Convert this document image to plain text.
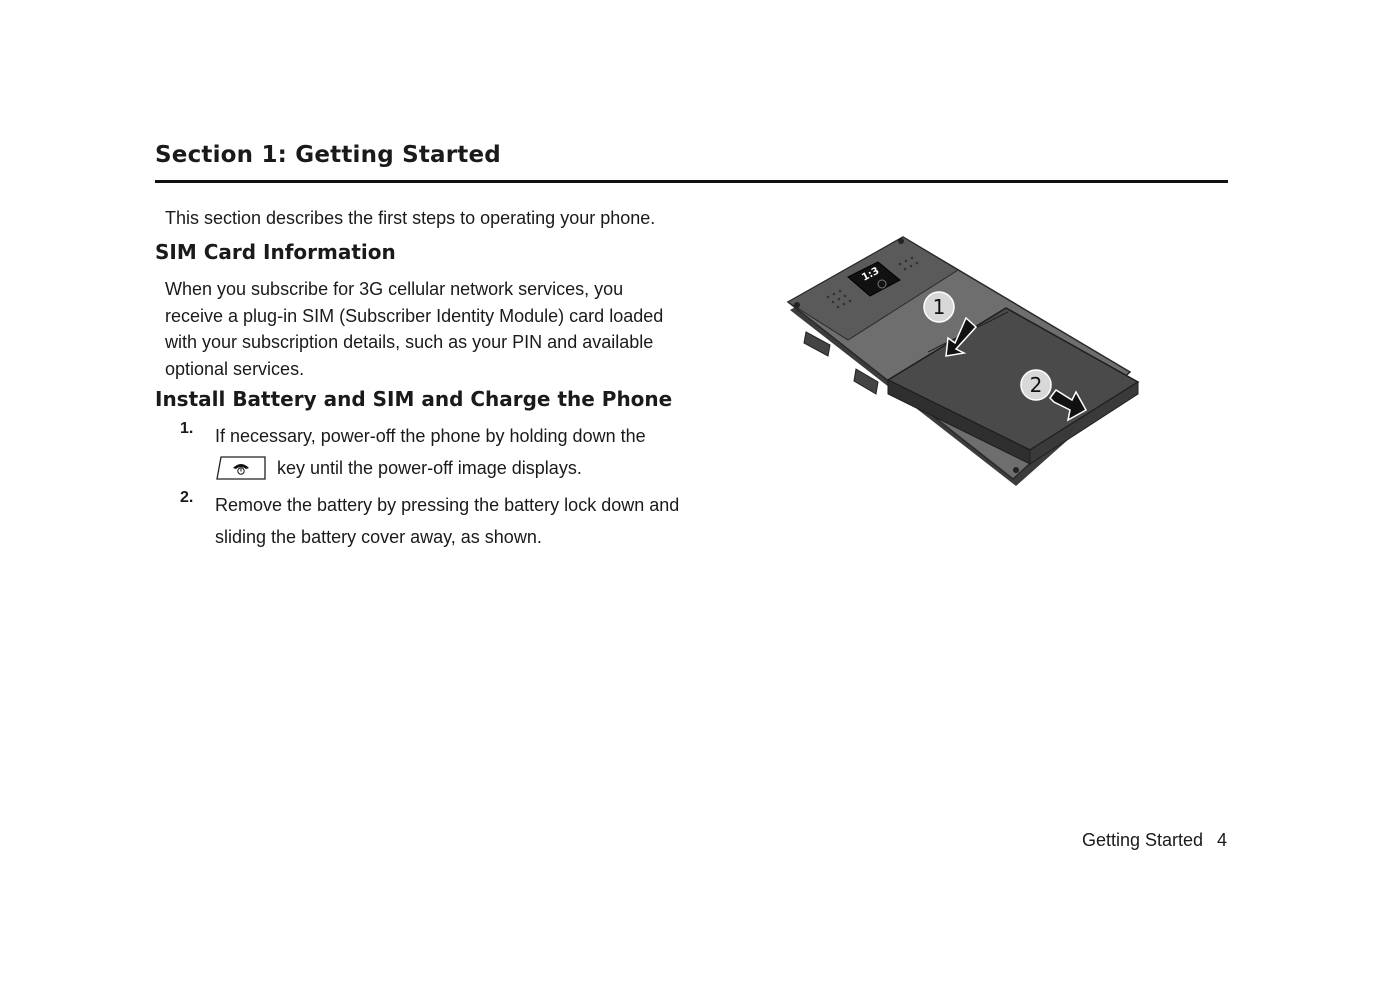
Section 1: Getting Started
This section describes the first steps to operating your phone.
SIM Card Information
When you subscribe for 3G cellular network services, you receive a plug-in SIM (Subscriber Identity Module) card loaded with your subscription details, such as your PIN and available optional services.
Install Battery and SIM and Charge the Phone
1. If necessary, power-off the phone by holding down the
key until the power-off image displays.
2. Remove the battery by pressing the battery lock down and sliding the battery cover away, as shown.
1:3
1
2
Getting Started 4
